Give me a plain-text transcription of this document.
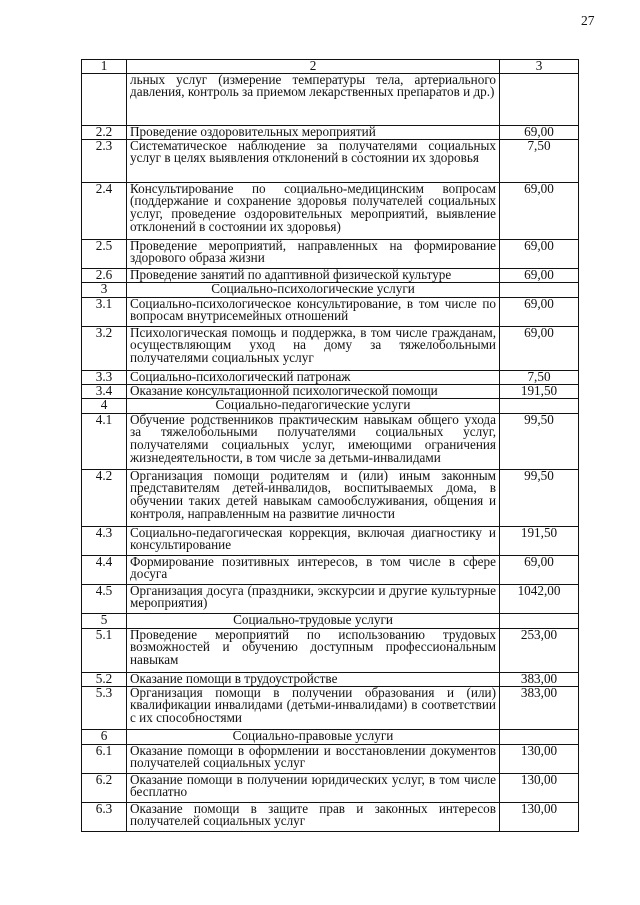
27
1	2	3
	льных услуг (измерение температуры тела, артериального давления, контроль за приемом лекарственных препаратов и др.)	
2.2	Проведение оздоровительных мероприятий	69,00
2.3	Систематическое наблюдение за получателями социальных услуг в целях выявления отклонений в состоянии их здоровья	7,50
2.4	Консультирование по социально-медицинским вопросам (поддержание и сохранение здоровья получателей социальных услуг, проведение оздоровительных мероприятий, выявление отклонений в состоянии их здоровья)	69,00
2.5	Проведение мероприятий, направленных на формирование здорового образа жизни	69,00
2.6	Проведение занятий по адаптивной физической культуре	69,00
3	Социально-психологические услуги	
3.1	Социально-психологическое консультирование, в том числе по вопросам внутрисемейных отношений	69,00
3.2	Психологическая помощь и поддержка, в том числе гражданам, осуществляющим уход на дому за тяжелобольными получателями социальных услуг	69,00
3.3	Социально-психологический патронаж	7,50
3.4	Оказание консультационной психологической помощи	191,50
4	Социально-педагогические услуги	
4.1	Обучение родственников практическим навыкам общего ухода за тяжелобольными получателями социальных услуг, получателями социальных услуг, имеющими ограничения жизнедеятельности, в том числе за детьми-инвалидами	99,50
4.2	Организация помощи родителям и (или) иным законным представителям детей-инвалидов, воспитываемых дома, в обучении таких детей навыкам самообслуживания, общения и контроля, направленным на развитие личности	99,50
4.3	Социально-педагогическая коррекция, включая диагностику и консультирование	191,50
4.4	Формирование позитивных интересов, в том числе в сфере досуга	69,00
4.5	Организация досуга (праздники, экскурсии и другие культурные мероприятия)	1042,00
5	Социально-трудовые услуги	
5.1	Проведение мероприятий по использованию трудовых возможностей и обучению доступным профессиональным навыкам	253,00
5.2	Оказание помощи в трудоустройстве	383,00
5.3	Организация помощи в получении образования и (или) квалификации инвалидами (детьми-инвалидами) в соответствии с их способностями	383,00
6	Социально-правовые услуги	
6.1	Оказание помощи в оформлении и восстановлении документов получателей социальных услуг	130,00
6.2	Оказание помощи в получении юридических услуг, в том числе бесплатно	130,00
6.3	Оказание помощи в защите прав и законных интересов получателей социальных услуг	130,00
